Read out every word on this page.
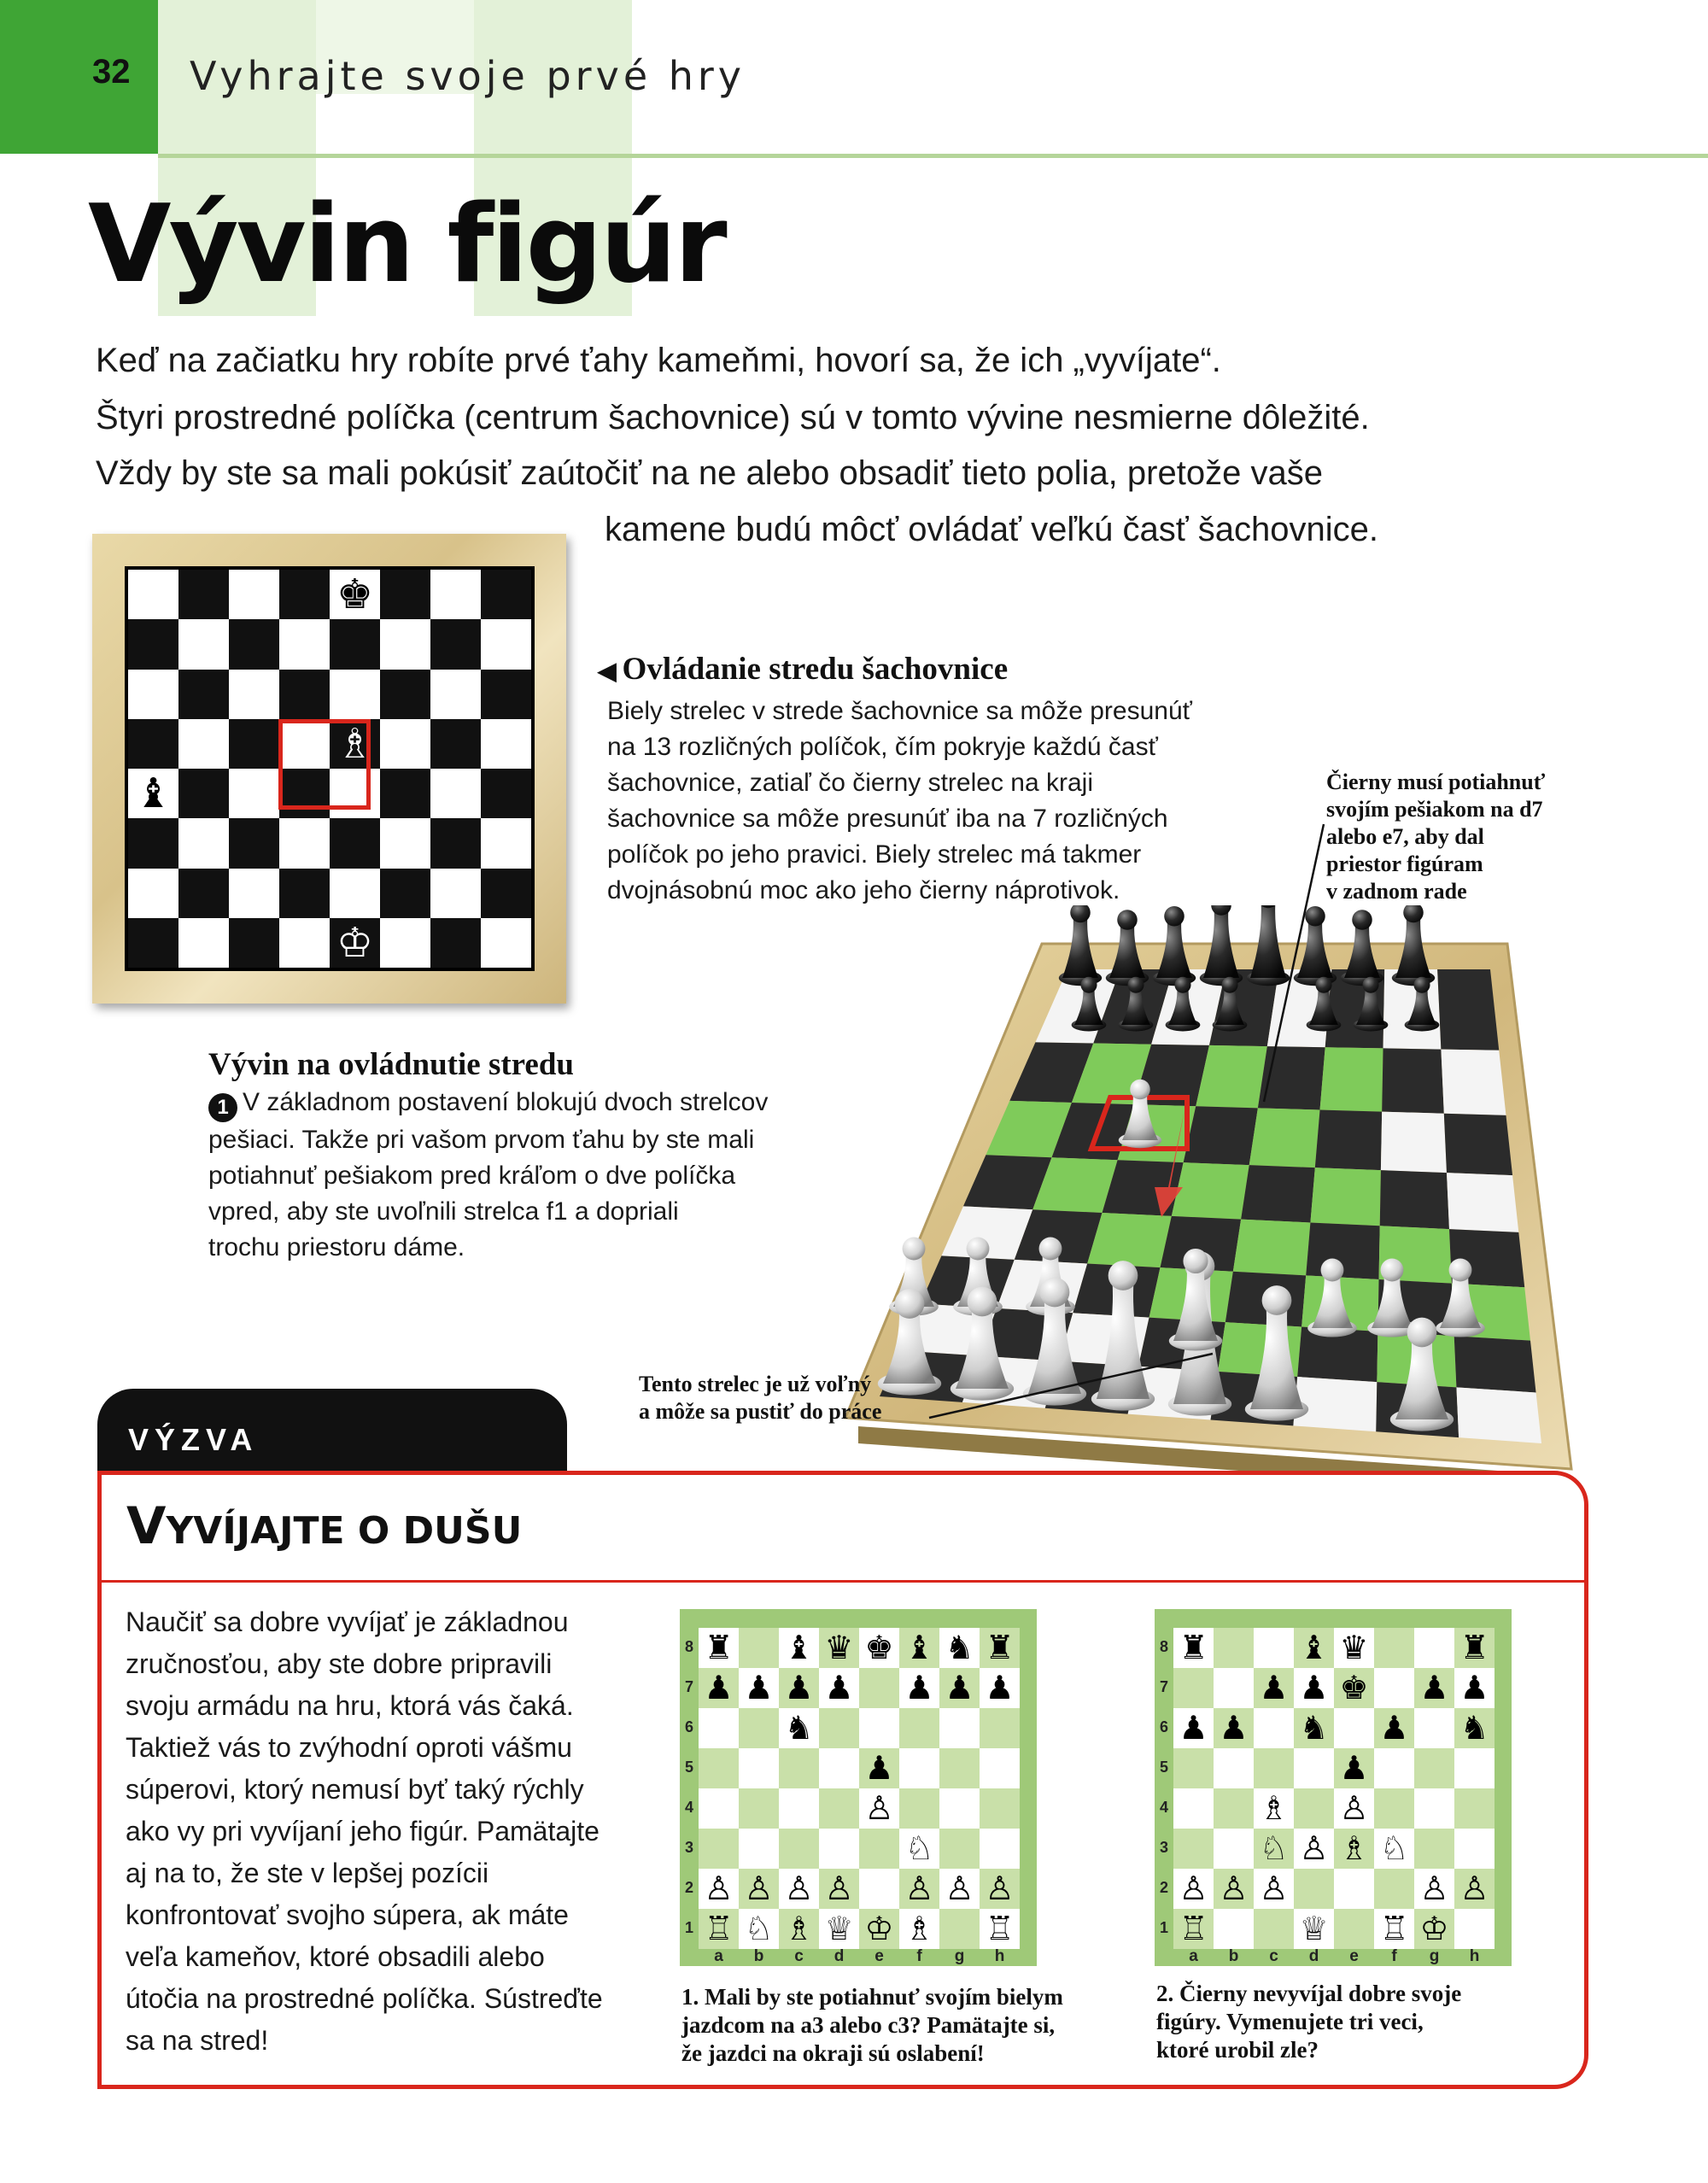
32 Vyhrajte svoje prvé hry
Vývin figúr
Keď na začiatku hry robíte prvé ťahy kameňmi, hovorí sa, že ich „vyvíjate“.
Štyri prostredné políčka (centrum šachovnice) sú v tomto vývine nesmierne dôležité.
Vždy by ste sa mali pokúsiť zaútočiť na ne alebo obsadiť tieto polia, pretože vaše
kamene budú môcť ovládať veľkú časť šachovnice.
♚
♗
♝
♔
◀ Ovládanie stredu šachovnice
Biely strelec v strede šachovnice sa môže presunúť
na 13 rozličných políčok, čím pokryje každú časť
šachovnice, zatiaľ čo čierny strelec na kraji
šachovnice sa môže presunúť iba na 7 rozličných
políčok po jeho pravici. Biely strelec má takmer
dvojnásobnú moc ako jeho čierny náprotivok.
Čierny musí potiahnuť
svojím pešiakom na d7
alebo e7, aby dal
priestor figúram
v zadnom rade
Vývin na ovládnutie stredu
1 V základnom postavení blokujú dvoch strelcov
pešiaci. Takže pri vašom prvom ťahu by ste mali
potiahnuť pešiakom pred kráľom o dve políčka
vpred, aby ste uvoľnili strelca f1 a dopriali
trochu priestoru dáme.
Tento strelec je už voľný
a môže sa pustiť do práce
VÝZVA
VYVÍJAJTE O DUŠU
Naučiť sa dobre vyvíjať je základnou
zručnosťou, aby ste dobre pripravili
svoju armádu na hru, ktorá vás čaká.
Taktiež vás to zvýhodní oproti vášmu
súperovi, ktorý nemusí byť taký rýchly
ako vy pri vyvíjaní jeho figúr. Pamätajte
aj na to, že ste v lepšej pozícii
konfrontovať svojho súpera, ak máte
veľa kameňov, ktoré obsadili alebo
útočia na prostredné políčka. Sústreďte
sa na stred!
♜ ♝ ♛ ♚ ♝ ♞ ♜
♟ ♟ ♟ ♟ ♟ ♟ ♟
♞
♟
♙
♘
♙ ♙ ♙ ♙ ♙ ♙ ♙
♖ ♘ ♗ ♕ ♔ ♗ ♖
8
7
6
5
4
3
2
1
a	b	c	d	e	f	g	h
1. Mali by ste potiahnuť svojím bielym
jazdcom na a3 alebo c3? Pamätajte si,
že jazdci na okraji sú oslabení!
♜	♝ ♛	♜
♟ ♟ ♚ ♟ ♟
♟ ♟ ♞ ♟ ♞
♟
♗ ♙
♘ ♙ ♗ ♘
♙ ♙ ♙	♙ ♙
♖	♕ ♖ ♔
8
7
6
5
4
3
2
1
a	b	c	d	e	f	g	h
2. Čierny nevyvíjal dobre svoje
figúry. Vymenujete tri veci,
ktoré urobil zle?
